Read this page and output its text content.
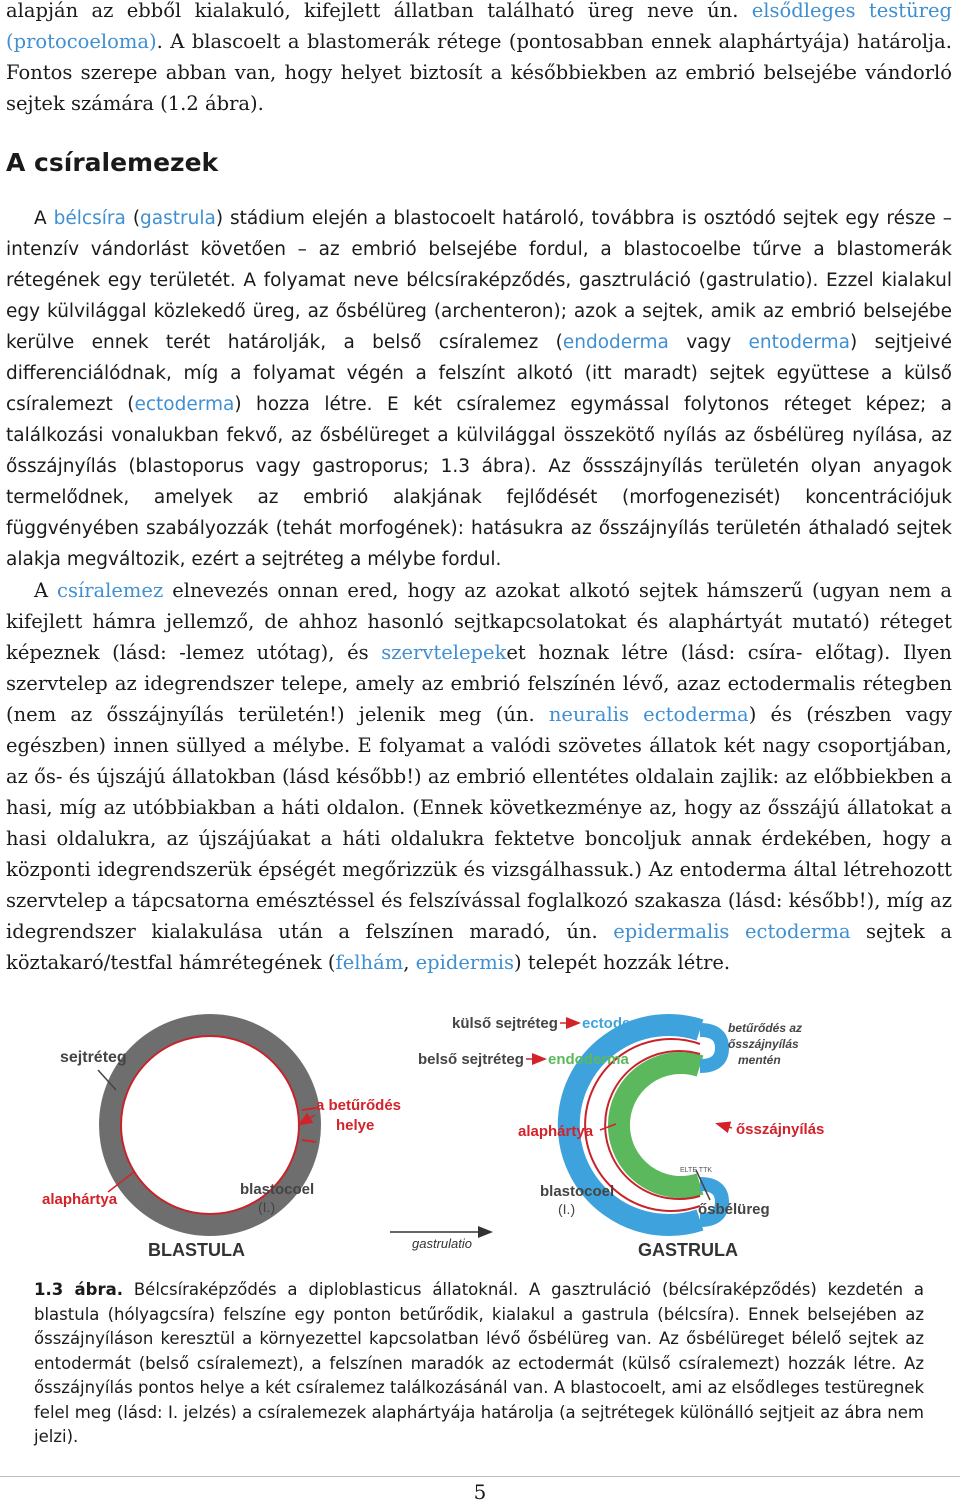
alapján az ebből kialakuló, kifejlett állatban található üreg neve ún. elsődleges testüreg (protocoeloma). A blascoelt a blastomerák rétege (pontosabban ennek alaphártyája) határolja. Fontos szerepe abban van, hogy helyet biztosít a későbbiekben az embrió belsejébe vándorló sejtek számára (1.2 ábra).

A csíralemezek

A bélcsíra (gastrula) stádium elején a blastocoelt határoló, továbbra is osztódó sejtek egy része – intenzív vándorlást követően – az embrió belsejébe fordul, a blastocoelbe tűrve a blastomerák rétegének egy területét. A folyamat neve bélcsíraképződés, gasztruláció (gastrulatio). Ezzel kialakul egy külvilággal közlekedő üreg, az ősbélüreg (archenteron); azok a sejtek, amik az embrió belsejébe kerülve ennek terét határolják, a belső csíralemez (endoderma vagy entoderma) sejtjeivé differenciálódnak, míg a folyamat végén a felszínt alkotó (itt maradt) sejtek együttese a külső csíralemezt (ectoderma) hozza létre. E két csíralemez egymással folytonos réteget képez; a találkozási vonalukban fekvő, az ősbélüreget a külvilággal összekötő nyílás az ősbélüreg nyílása, az ősszájnyílás (blastoporus vagy gastroporus; 1.3 ábra). Az őssszájnyílás területén olyan anyagok termelődnek, amelyek az embrió alakjának fejlődését (morfogenezisét) koncentrációjuk függvényében szabályozzák (tehát morfogének): hatásukra az ősszájnyílás területén áthaladó sejtek alakja megváltozik, ezért a sejtréteg a mélybe fordul.

A csíralemez elnevezés onnan ered, hogy az azokat alkotó sejtek hámszerű (ugyan nem a kifejlett hámra jellemző, de ahhoz hasonló sejtkapcsolatokat és alaphártyát mutató) réteget képeznek (lásd: -lemez utótag), és szervtelepeket hoznak létre (lásd: csíra- előtag). Ilyen szervtelep az idegrendszer telepe, amely az embrió felszínén lévő, azaz ectodermalis rétegben (nem az ősszájnyílás területén!) jelenik meg (ún. neuralis ectoderma) és (részben vagy egészben) innen süllyed a mélybe. E folyamat a valódi szövetes állatok két nagy csoportjában, az ős- és újszájú állatokban (lásd később!) az embrió ellentétes oldalain zajlik: az előbbiekben a hasi, míg az utóbbiakban a háti oldalon. (Ennek következménye az, hogy az ősszájú állatokat a hasi oldalukra, az újszájúakat a háti oldalukra fektetve boncoljuk annak érdekében, hogy a központi idegrendszerük épségét megőrizzük és vizsgálhassuk.) Az entoderma által létrehozott szervtelep a tápcsatorna emésztéssel és felszívással foglalkozó szakasza (lásd: később!), míg az idegrendszer kialakulása után a felszínen maradó, ún. epidermalis ectoderma sejtek a köztakaró/testfal hámrétegének (felhám, epidermis) telepét hozzák létre.

sejtréteg
a betűrődés
helye
alaphártya
blastocoel
(I.)
BLASTULA	gastrulatio
külső sejtréteg ectoderma
belső sejtréteg endoderma
betűrődés az
ősszájnyílás
mentén
alaphártya	ősszájnyílás
blastocoel
(I.)	ősbélüreg
ELTE TTK
GASTRULA

1.3 ábra. Bélcsíraképződés a diploblasticus állatoknál. A gasztruláció (bélcsíraképződés) kezdetén a blastula (hólyagcsíra) felszíne egy ponton betűrődik, kialakul a gastrula (bélcsíra). Ennek belsejében az ősszájnyíláson keresztül a környezettel kapcsolatban lévő ősbélüreg van. Az ősbélüreget bélelő sejtek az entodermát (belső csíralemezt), a felszínen maradók az ectodermát (külső csíralemezt) hozzák létre. Az ősszájnyílás pontos helye a két csíralemez találkozásánál van. A blastocoelt, ami az elsődleges testüregnek felel meg (lásd: I. jelzés) a csíralemezek alaphártyája határolja (a sejtrétegek különálló sejtjeit az ábra nem jelzi).

5
